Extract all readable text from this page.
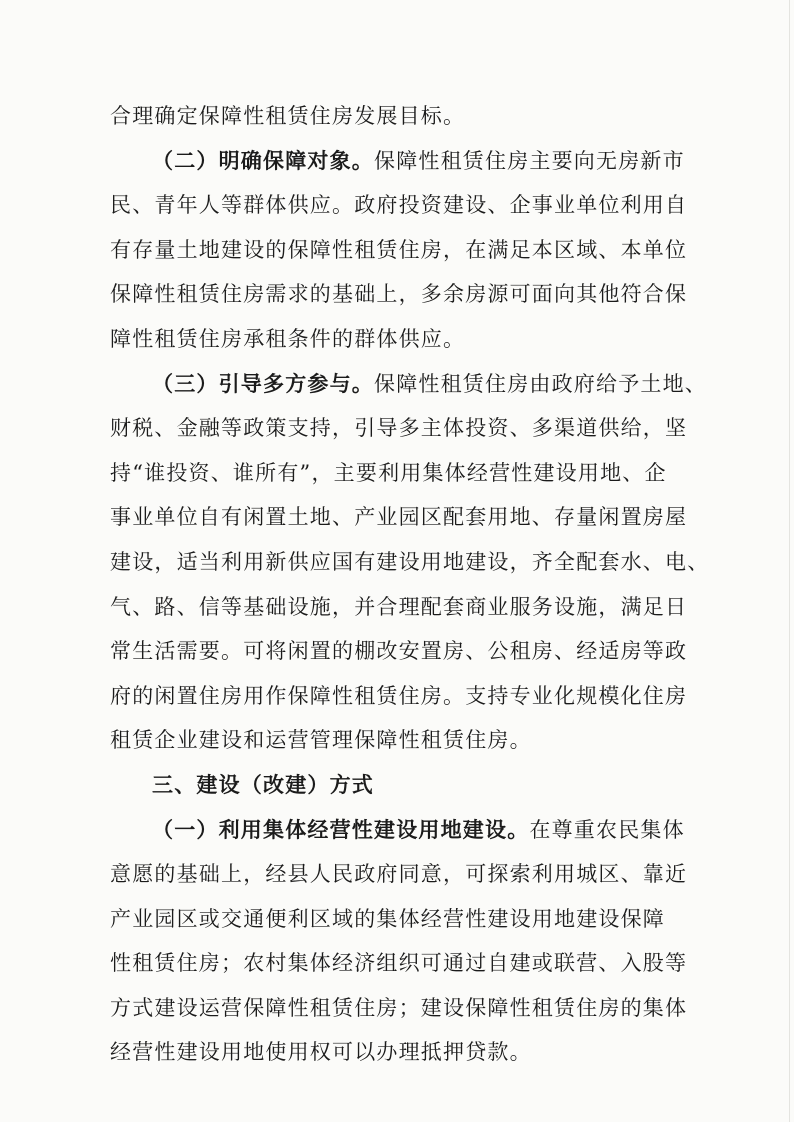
合理确定保障性租赁住房发展目标。
（二）明确保障对象。保障性租赁住房主要向无房新市
民、青年人等群体供应。政府投资建设、企事业单位利用自
有存量土地建设的保障性租赁住房，在满足本区域、本单位
保障性租赁住房需求的基础上，多余房源可面向其他符合保
障性租赁住房承租条件的群体供应。
（三）引导多方参与。保障性租赁住房由政府给予土地、
财税、金融等政策支持，引导多主体投资、多渠道供给，坚
持“谁投资、谁所有”，主要利用集体经营性建设用地、企
事业单位自有闲置土地、产业园区配套用地、存量闲置房屋
建设，适当利用新供应国有建设用地建设，齐全配套水、电、
气、路、信等基础设施，并合理配套商业服务设施，满足日
常生活需要。可将闲置的棚改安置房、公租房、经适房等政
府的闲置住房用作保障性租赁住房。支持专业化规模化住房
租赁企业建设和运营管理保障性租赁住房。
三、建设（改建）方式
（一）利用集体经营性建设用地建设。在尊重农民集体
意愿的基础上，经县人民政府同意，可探索利用城区、靠近
产业园区或交通便利区域的集体经营性建设用地建设保障
性租赁住房；农村集体经济组织可通过自建或联营、入股等
方式建设运营保障性租赁住房；建设保障性租赁住房的集体
经营性建设用地使用权可以办理抵押贷款。
